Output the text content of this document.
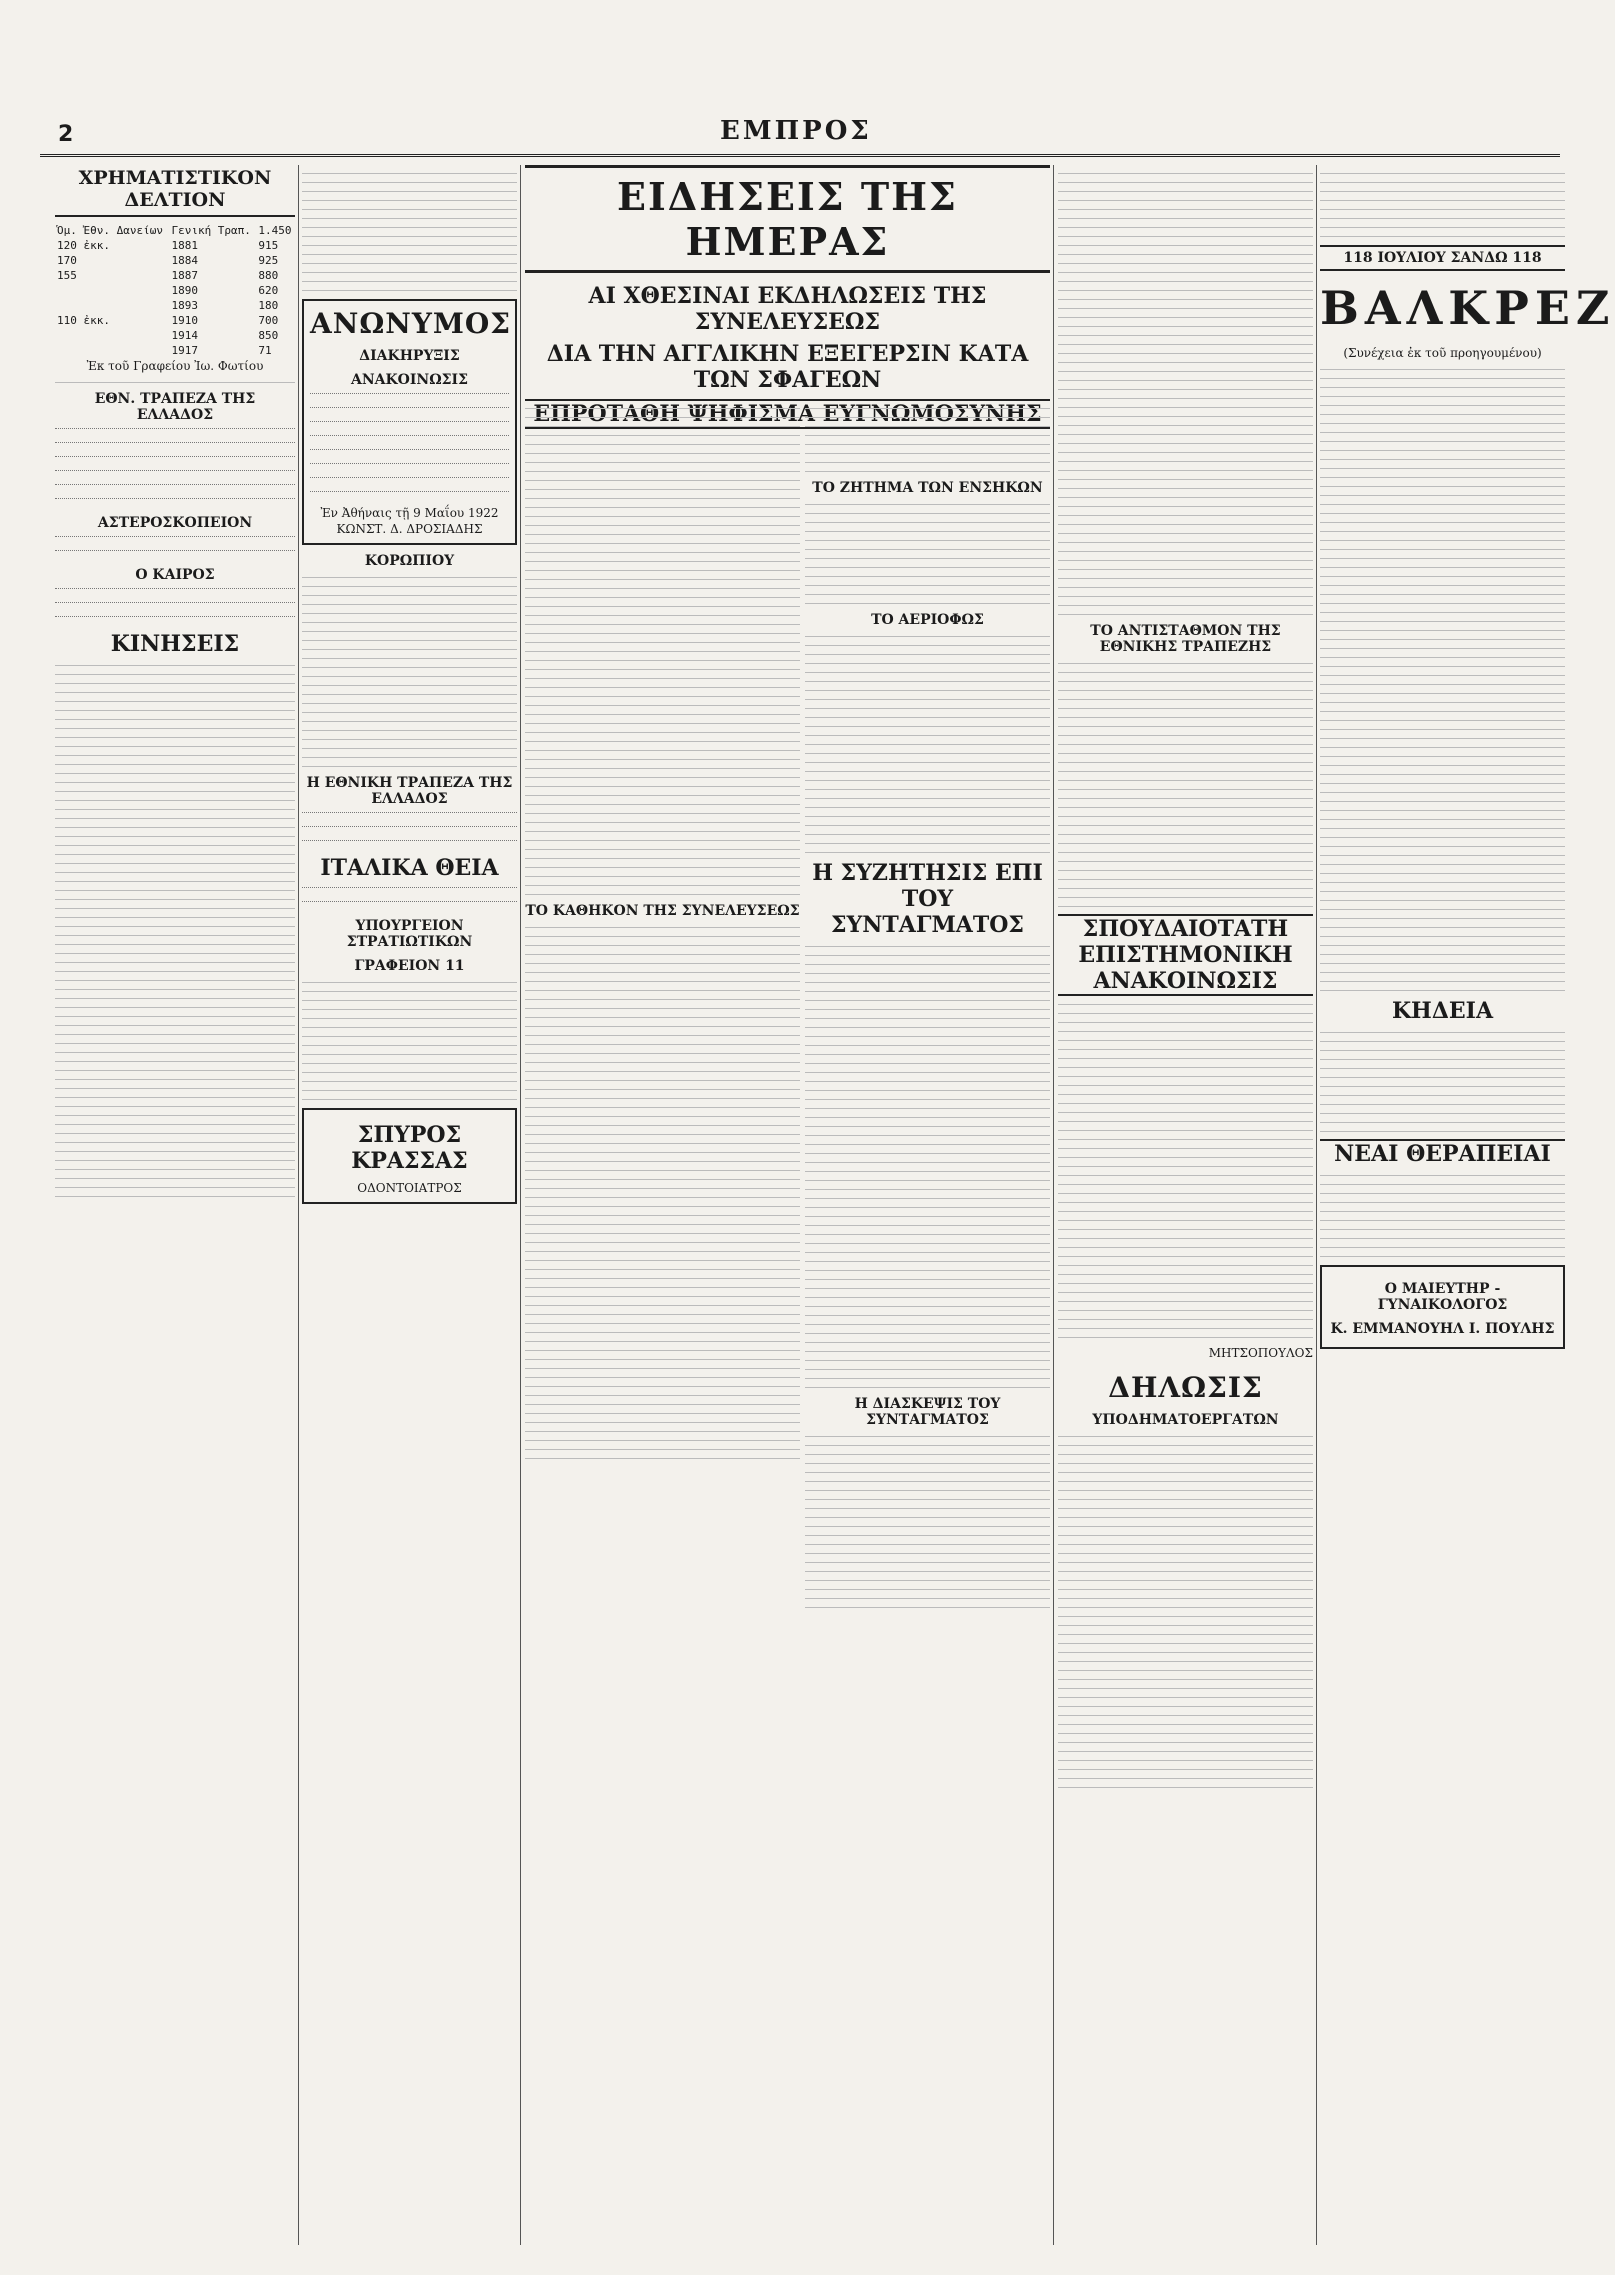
2	ΕΜΠΡΟΣ
ΧΡΗΜΑΤΙΣΤΙΚΟΝ ΔΕΛΤΙΟΝ
Ὁμ. Ἐθν. Δανείων	Γενική Τραπ.	1.450
120 ἐκκ.	1881	915
170	1884	925
155	1887	880
	1890	620
	1893	180
110 ἐκκ.	1910	700
	1914	850
	1917	71
Ἐκ τοῦ Γραφείου Ἰω. Φωτίου
ΕΘΝ. ΤΡΑΠΕΖΑ ΤΗΣ ΕΛΛΑΔΟΣ
ΑΣΤΕΡΟΣΚΟΠΕΙΟΝ
Ο ΚΑΙΡΟΣ
ΚΙΝΗΣΕΙΣ
ΑΝΩΝΥΜΟΣ
ΔΙΑΚΗΡΥΞΙΣ
ΑΝΑΚΟΙΝΩΣΙΣ
Ἐν Ἀθήναις τῇ 9 Μαΐου 1922
ΚΩΝΣΤ. Δ. ΔΡΟΣΙΑΔΗΣ
ΚΟΡΩΠΙΟΥ
Η ΕΘΝΙΚΗ ΤΡΑΠΕΖΑ ΤΗΣ ΕΛΛΑΔΟΣ
ΙΤΑΛΙΚΑ ΘΕΙΑ
ΥΠΟΥΡΓΕΙΟΝ ΣΤΡΑΤΙΩΤΙΚΩΝ
ΓΡΑΦΕΙΟΝ 11
ΣΠΥΡΟΣ ΚΡΑΣΣΑΣ
ΟΔΟΝΤΟΙΑΤΡΟΣ
ΕΙΔΗΣΕΙΣ ΤΗΣ ΗΜΕΡΑΣ
ΑΙ ΧΘΕΣΙΝΑΙ ΕΚΔΗΛΩΣΕΙΣ ΤΗΣ ΣΥΝΕΛΕΥΣΕΩΣ
ΔΙΑ ΤΗΝ ΑΓΓΛΙΚΗΝ ΕΞΕΓΕΡΣΙΝ ΚΑΤΑ ΤΩΝ ΣΦΑΓΕΩΝ
ΕΠΡΟΤΑΘΗ ΨΗΦΙΣΜΑ ΕΥΓΝΩΜΟΣΥΝΗΣ
ΤΟ ΚΑΘΗΚΟΝ ΤΗΣ ΣΥΝΕΛΕΥΣΕΩΣ
ΤΟ ΖΗΤΗΜΑ ΤΩΝ ΕΝΣΗΚΩΝ
ΤΟ ΑΕΡΙΟΦΩΣ
Η ΣΥΖΗΤΗΣΙΣ ΕΠΙ ΤΟΥ ΣΥΝΤΑΓΜΑΤΟΣ
Η ΔΙΑΣΚΕΨΙΣ ΤΟΥ ΣΥΝΤΑΓΜΑΤΟΣ
ΤΟ ΑΝΤΙΣΤΑΘΜΟΝ ΤΗΣ ΕΘΝΙΚΗΣ ΤΡΑΠΕΖΗΣ
ΣΠΟΥΔΑΙΟΤΑΤΗ ΕΠΙΣΤΗΜΟΝΙΚΗ ΑΝΑΚΟΙΝΩΣΙΣ
ΜΗΤΣΟΠΟΥΛΟΣ
ΔΗΛΩΣΙΣ
ΥΠΟΔΗΜΑΤΟΕΡΓΑΤΩΝ
118 ΙΟΥΛΙΟΥ ΣΑΝΔΩ 118
ΒΑΛΚΡΕΖ
(Συνέχεια ἐκ τοῦ προηγουμένου)
ΚΗΔΕΙΑ
ΝΕΑΙ ΘΕΡΑΠΕΙΑΙ
Ο ΜΑΙΕΥΤΗΡ - ΓΥΝΑΙΚΟΛΟΓΟΣ
Κ. ΕΜΜΑΝΟΥΗΛ Ι. ΠΟΥΛΗΣ
